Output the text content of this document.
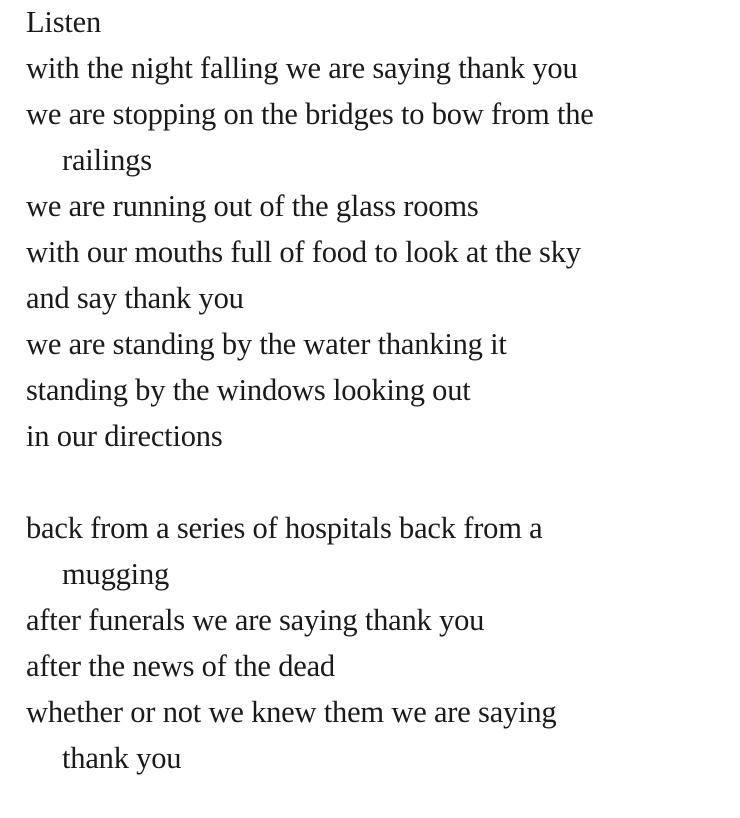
Listen
with the night falling we are saying thank you
we are stopping on the bridges to bow from the
railings
we are running out of the glass rooms
with our mouths full of food to look at the sky
and say thank you
we are standing by the water thanking it
standing by the windows looking out
in our directions
back from a series of hospitals back from a
mugging
after funerals we are saying thank you
after the news of the dead
whether or not we knew them we are saying
thank you
